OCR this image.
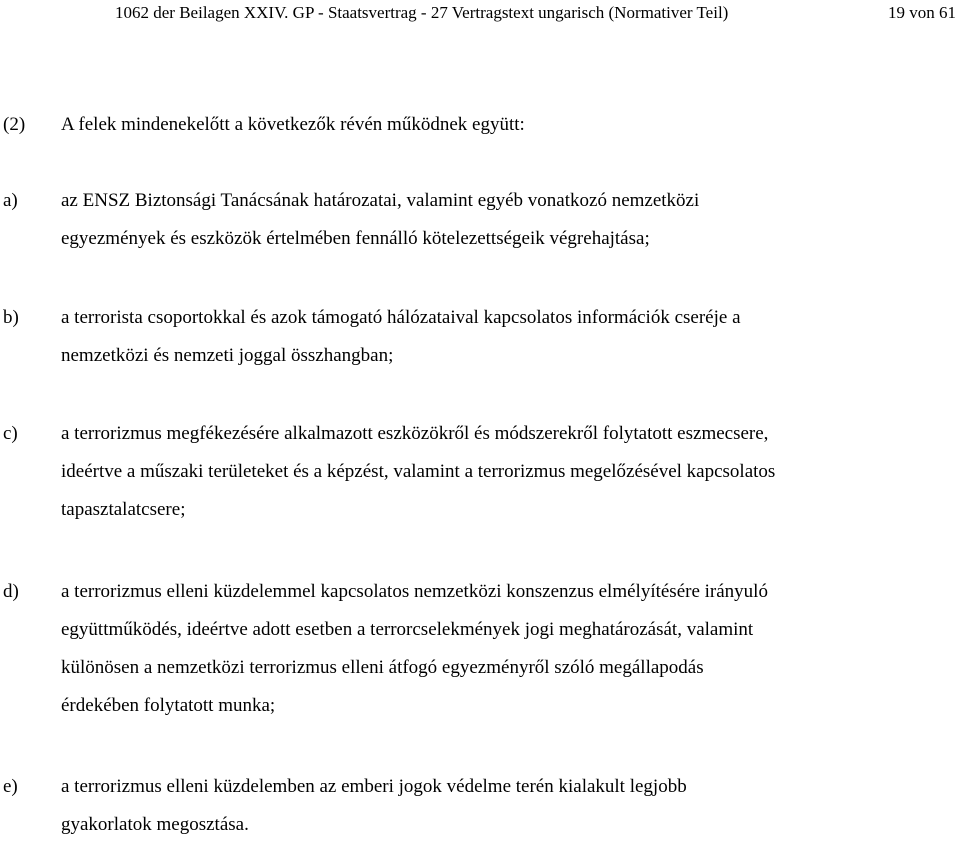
1062 der Beilagen XXIV. GP - Staatsvertrag - 27 Vertragstext ungarisch (Normativer Teil)	19 von 61
(2) A felek mindenekelőtt a következők révén működnek együtt:
a) az ENSZ Biztonsági Tanácsának határozatai, valamint egyéb vonatkozó nemzetközi
egyezmények és eszközök értelmében fennálló kötelezettségeik végrehajtása;
b) a terrorista csoportokkal és azok támogató hálózataival kapcsolatos információk cseréje a
nemzetközi és nemzeti joggal összhangban;
c) a terrorizmus megfékezésére alkalmazott eszközökről és módszerekről folytatott eszmecsere,
ideértve a műszaki területeket és a képzést, valamint a terrorizmus megelőzésével kapcsolatos
tapasztalatcsere;
d) a terrorizmus elleni küzdelemmel kapcsolatos nemzetközi konszenzus elmélyítésére irányuló
együttműködés, ideértve adott esetben a terrorcselekmények jogi meghatározását, valamint
különösen a nemzetközi terrorizmus elleni átfogó egyezményről szóló megállapodás
érdekében folytatott munka;
e) a terrorizmus elleni küzdelemben az emberi jogok védelme terén kialakult legjobb
gyakorlatok megosztása.
